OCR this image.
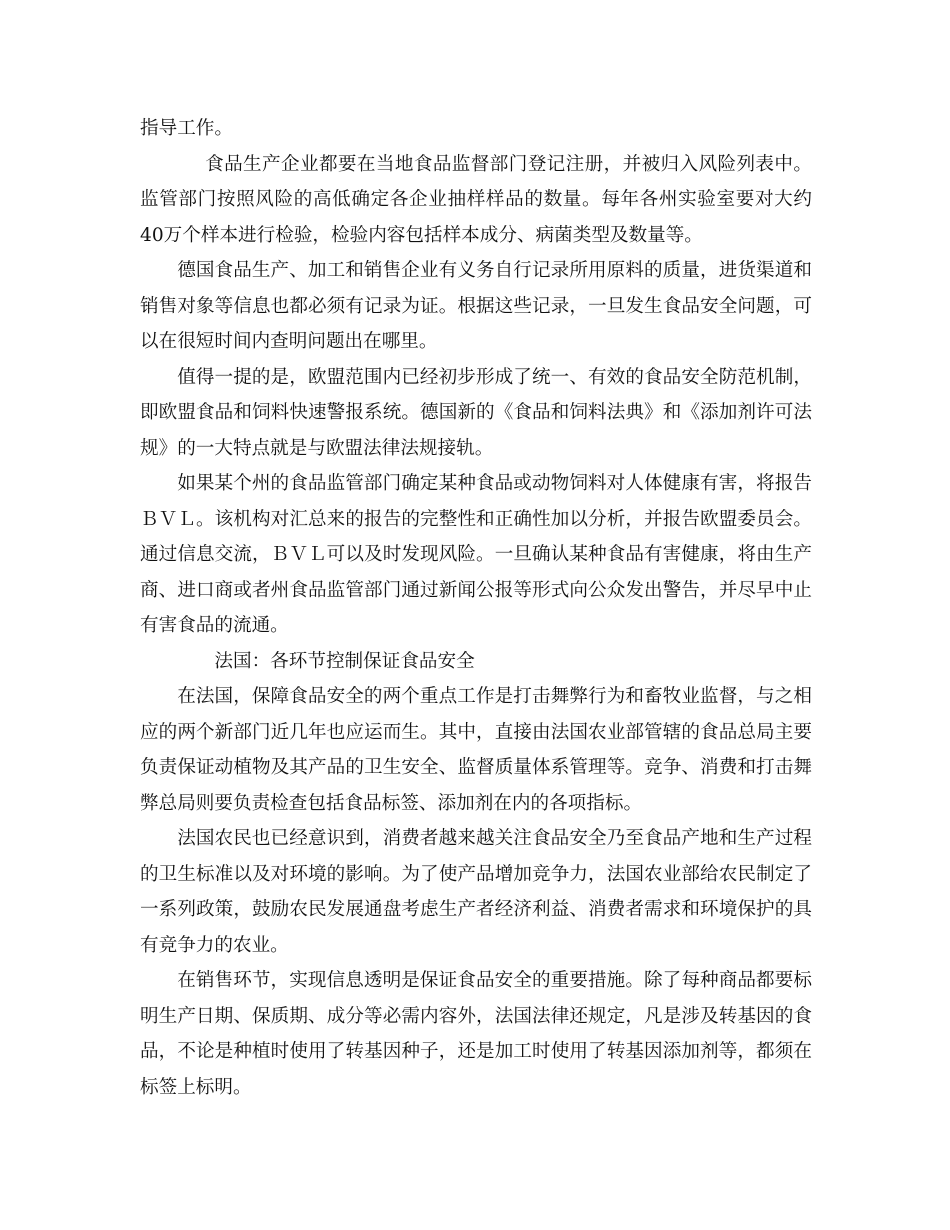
指导工作。

食品生产企业都要在当地食品监督部门登记注册，并被归入风险列表中。监管部门按照风险的高低确定各企业抽样样品的数量。每年各州实验室要对大约40万个样本进行检验，检验内容包括样本成分、病菌类型及数量等。

德国食品生产、加工和销售企业有义务自行记录所用原料的质量，进货渠道和销售对象等信息也都必须有记录为证。根据这些记录，一旦发生食品安全问题，可以在很短时间内查明问题出在哪里。

值得一提的是，欧盟范围内已经初步形成了统一、有效的食品安全防范机制，即欧盟食品和饲料快速警报系统。德国新的《食品和饲料法典》和《添加剂许可法规》的一大特点就是与欧盟法律法规接轨。

如果某个州的食品监管部门确定某种食品或动物饲料对人体健康有害，将报告ＢＶＬ。该机构对汇总来的报告的完整性和正确性加以分析，并报告欧盟委员会。通过信息交流，ＢＶＬ可以及时发现风险。一旦确认某种食品有害健康，将由生产商、进口商或者州食品监管部门通过新闻公报等形式向公众发出警告，并尽早中止有害食品的流通。

法国：各环节控制保证食品安全

在法国，保障食品安全的两个重点工作是打击舞弊行为和畜牧业监督，与之相应的两个新部门近几年也应运而生。其中，直接由法国农业部管辖的食品总局主要负责保证动植物及其产品的卫生安全、监督质量体系管理等。竞争、消费和打击舞弊总局则要负责检查包括食品标签、添加剂在内的各项指标。

法国农民也已经意识到，消费者越来越关注食品安全乃至食品产地和生产过程的卫生标准以及对环境的影响。为了使产品增加竞争力，法国农业部给农民制定了一系列政策，鼓励农民发展通盘考虑生产者经济利益、消费者需求和环境保护的具有竞争力的农业。

在销售环节，实现信息透明是保证食品安全的重要措施。除了每种商品都要标明生产日期、保质期、成分等必需内容外，法国法律还规定，凡是涉及转基因的食品，不论是种植时使用了转基因种子，还是加工时使用了转基因添加剂等，都须在标签上标明。
